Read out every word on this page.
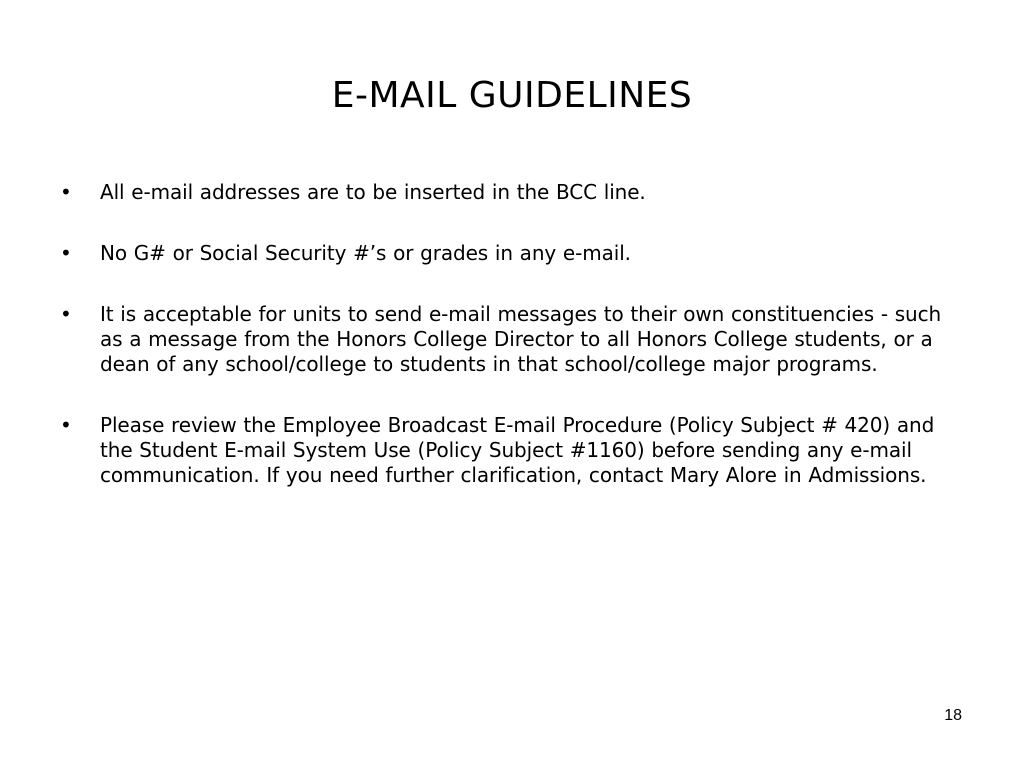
E-MAIL GUIDELINES
•	All e-mail addresses are to be inserted in the BCC line.
•	No G# or Social Security #’s or grades in any e-mail.
•	It is acceptable for units to send e-mail messages to their own constituencies - such as a message from the Honors College Director to all Honors College students, or a dean of any school/college to students in that school/college major programs.
•	Please review the Employee Broadcast E-mail Procedure (Policy Subject # 420) and the Student E-mail System Use (Policy Subject #1160) before sending any e-mail communication. If you need further clarification, contact Mary Alore in Admissions.
18
